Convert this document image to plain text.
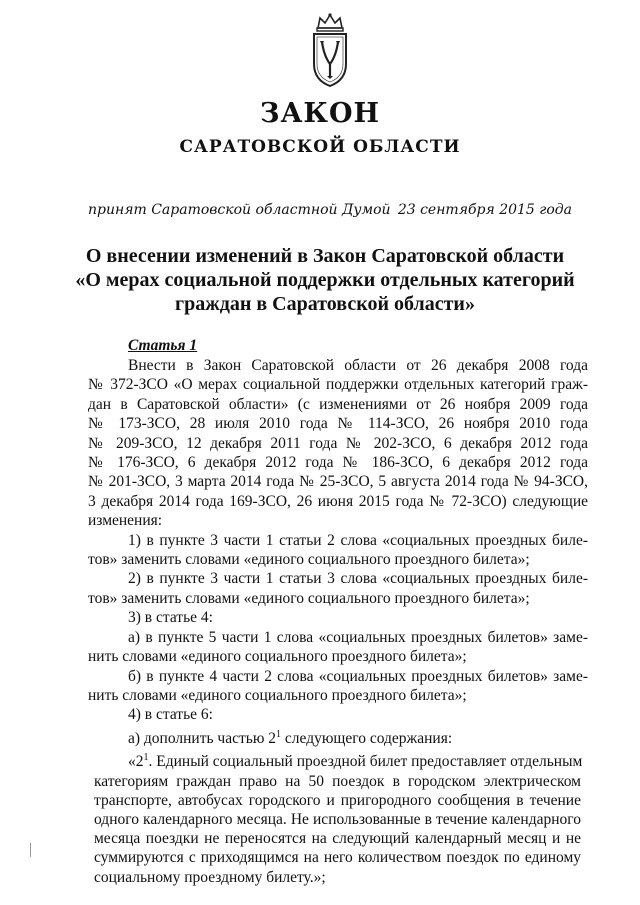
ЗАКОН
САРАТОВСКОЙ ОБЛАСТИ

принят Саратовской областной Думой 23 сентября 2015 года

О внесении изменений в Закон Саратовской области
«О мерах социальной поддержки отдельных категорий
граждан в Саратовской области»
Статья 1
Внести в Закон Саратовской области от 26 декабря 2008 года
№ 372-ЗСО «О мерах социальной поддержки отдельных категорий граж-
дан в Саратовской области» (с изменениями от 26 ноября 2009 года
№ 173-ЗСО, 28 июля 2010 года № 114-ЗСО, 26 ноября 2010 года
№ 209-ЗСО, 12 декабря 2011 года № 202-ЗСО, 6 декабря 2012 года
№ 176-ЗСО, 6 декабря 2012 года № 186-ЗСО, 6 декабря 2012 года
№ 201-ЗСО, 3 марта 2014 года № 25-ЗСО, 5 августа 2014 года № 94-ЗСО,
3 декабря 2014 года 169-ЗСО, 26 июня 2015 года № 72-ЗСО) следующие
изменения:
1) в пункте 3 части 1 статьи 2 слова «социальных проездных биле-
тов» заменить словами «единого социального проездного билета»;
2) в пункте 3 части 1 статьи 3 слова «социальных проездных биле-
тов» заменить словами «единого социального проездного билета»;
3) в статье 4:
а) в пункте 5 части 1 слова «социальных проездных билетов» заме-
нить словами «единого социального проездного билета»;
б) в пункте 4 части 2 слова «социальных проездных билетов» заме-
нить словами «единого социального проездного билета»;
4) в статье 6:
а) дополнить частью $2^1$ следующего содержания:
«$2^1$. Единый социальный проездной билет предоставляет отдельным
категориям граждан право на 50 поездок в городском электрическом
транспорте, автобусах городского и пригородного сообщения в течение
одного календарного месяца. Не использованные в течение календарного
месяца поездки не переносятся на следующий календарный месяц и не
суммируются с приходящимся на него количеством поездок по единому
социальному проездному билету.»;
